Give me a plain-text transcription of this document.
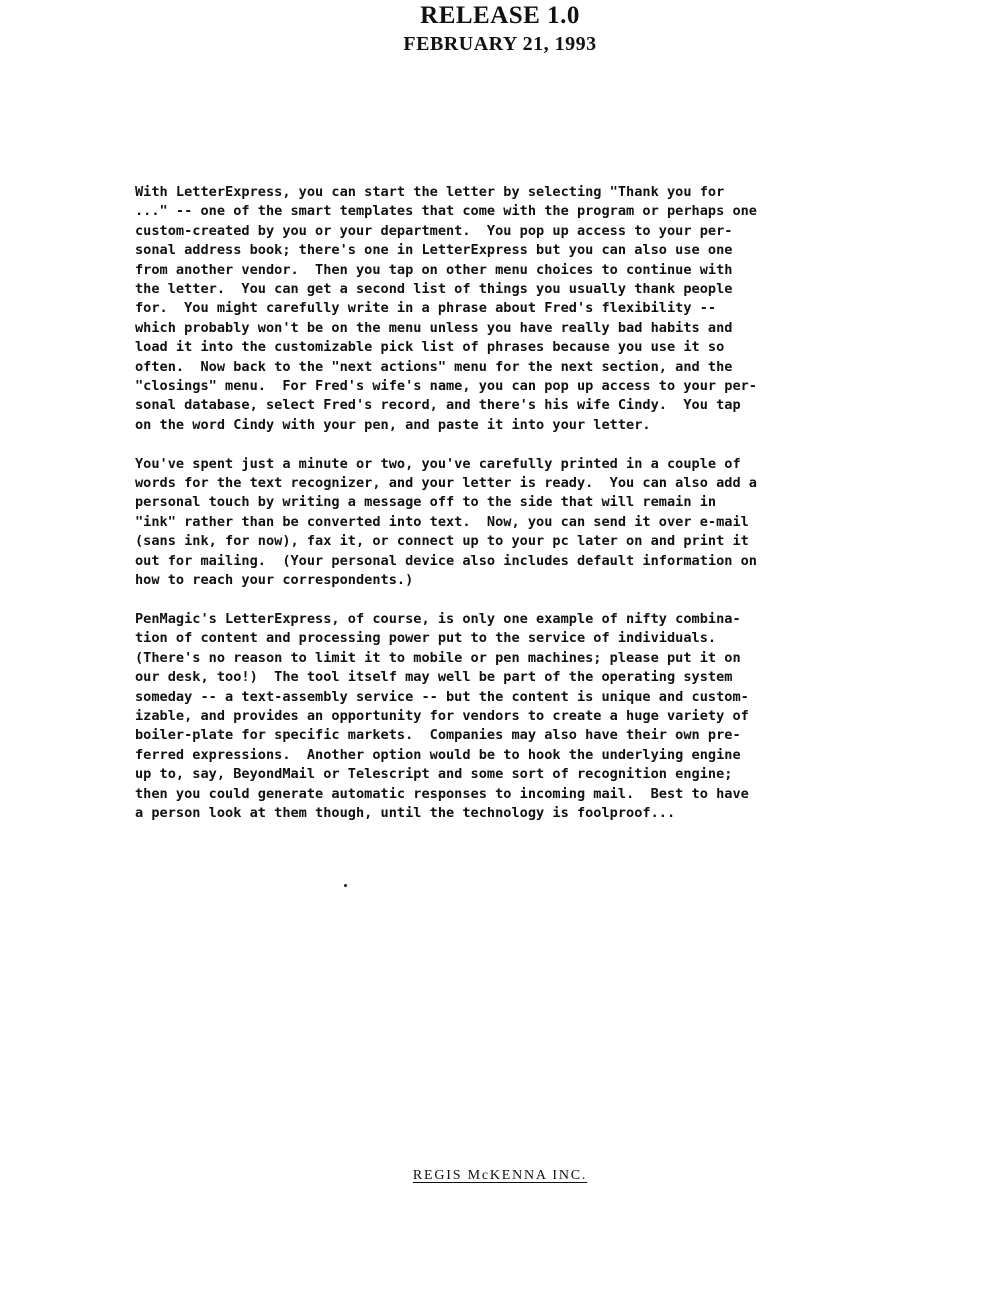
RELEASE 1.0
FEBRUARY 21, 1993
With LetterExpress, you can start the letter by selecting "Thank you for
..." -- one of the smart templates that come with the program or perhaps one
custom-created by you or your department.  You pop up access to your per-
sonal address book; there's one in LetterExpress but you can also use one
from another vendor.  Then you tap on other menu choices to continue with
the letter.  You can get a second list of things you usually thank people
for.  You might carefully write in a phrase about Fred's flexibility --
which probably won't be on the menu unless you have really bad habits and
load it into the customizable pick list of phrases because you use it so
often.  Now back to the "next actions" menu for the next section, and the
"closings" menu.  For Fred's wife's name, you can pop up access to your per-
sonal database, select Fred's record, and there's his wife Cindy.  You tap
on the word Cindy with your pen, and paste it into your letter.
You've spent just a minute or two, you've carefully printed in a couple of
words for the text recognizer, and your letter is ready.  You can also add a
personal touch by writing a message off to the side that will remain in
"ink" rather than be converted into text.  Now, you can send it over e-mail
(sans ink, for now), fax it, or connect up to your pc later on and print it
out for mailing.  (Your personal device also includes default information on
how to reach your correspondents.)
PenMagic's LetterExpress, of course, is only one example of nifty combina-
tion of content and processing power put to the service of individuals.
(There's no reason to limit it to mobile or pen machines; please put it on
our desk, too!)  The tool itself may well be part of the operating system
someday -- a text-assembly service -- but the content is unique and custom-
izable, and provides an opportunity for vendors to create a huge variety of
boiler-plate for specific markets.  Companies may also have their own pre-
ferred expressions.  Another option would be to hook the underlying engine
up to, say, BeyondMail or Telescript and some sort of recognition engine;
then you could generate automatic responses to incoming mail.  Best to have
a person look at them though, until the technology is foolproof...
REGIS McKENNA INC.
